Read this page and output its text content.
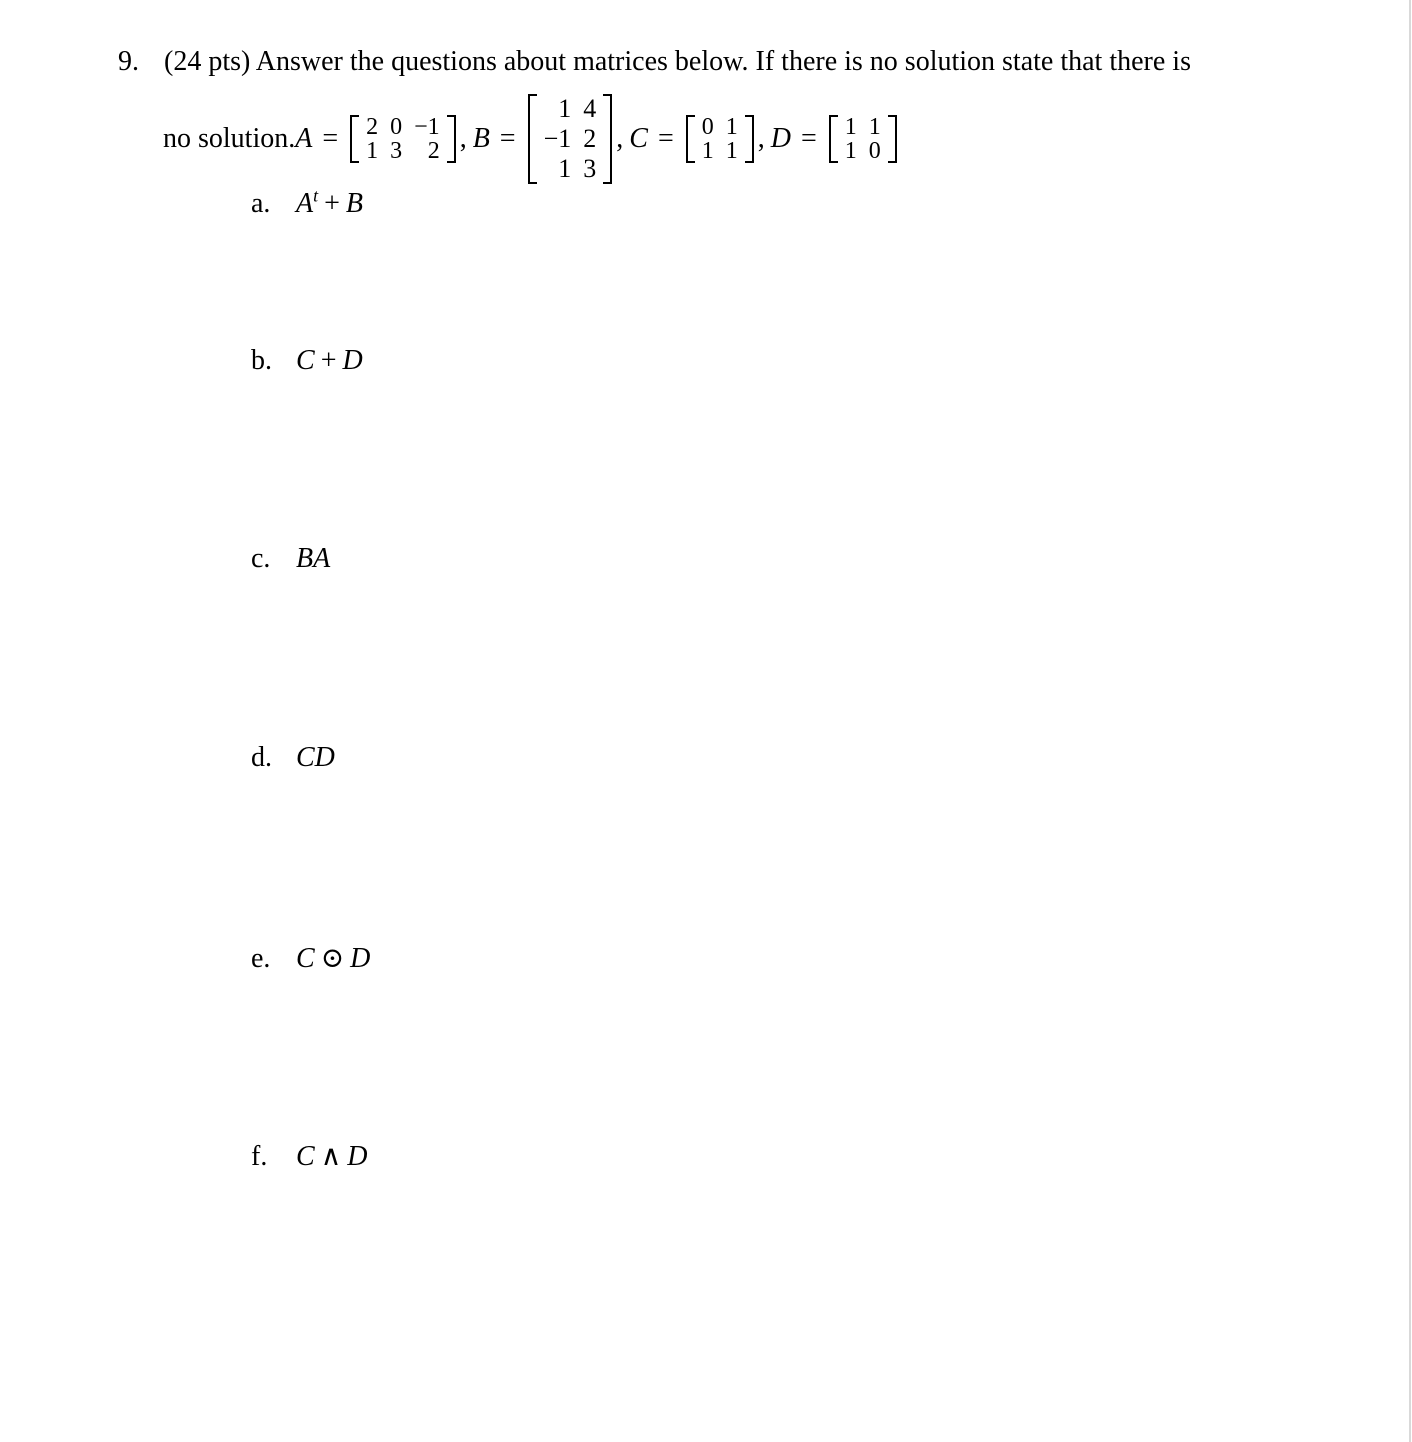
9. (24 pts) Answer the questions about matrices below. If there is no solution state that there is
no solution. A = 2 0 −1
1 3	2 , B =
1 4
−1 2
1 3
, C = 0 1
1 1 , D = 1 1
1 0
a. $A^t + B$
b. C + D
c. BA
d. CD
e. C ⊙ D
f. C ∧ D
